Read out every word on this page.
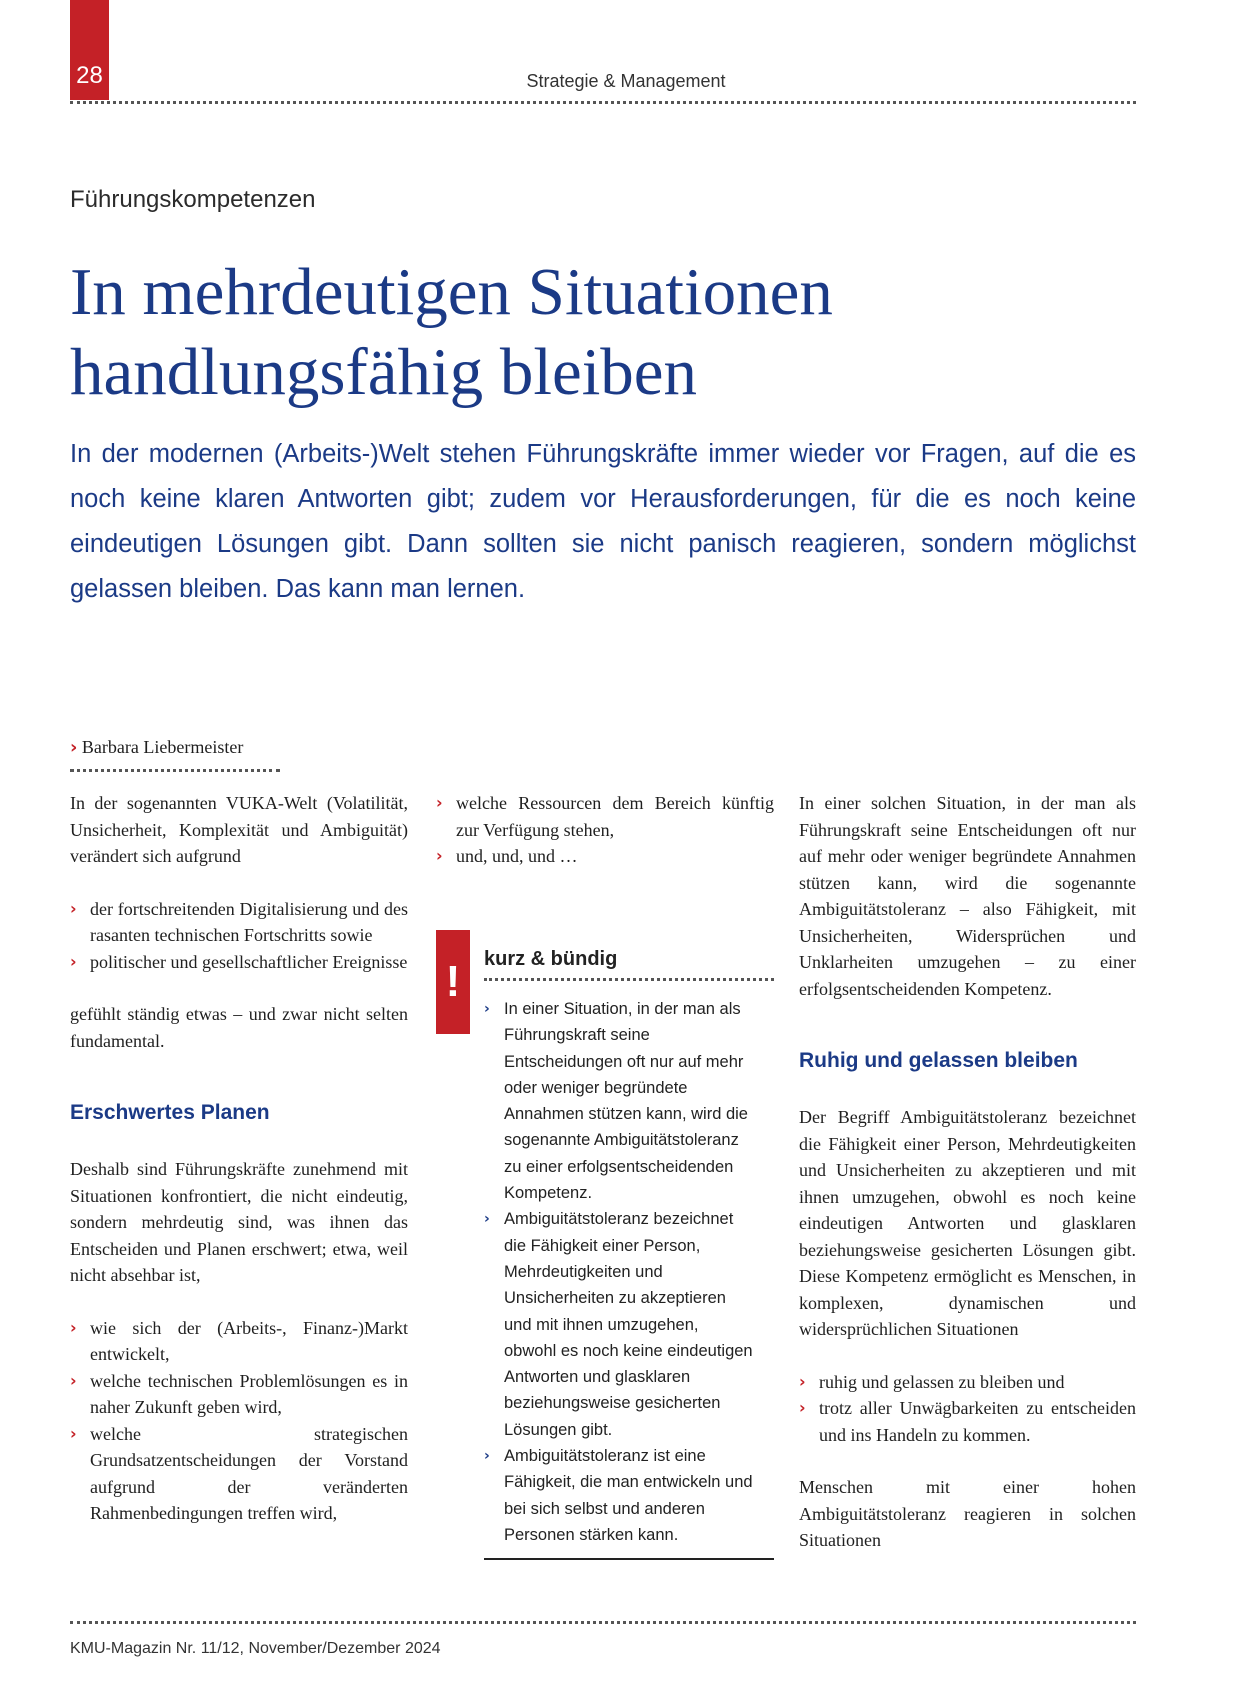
28	Strategie & Management
Führungskompetenzen
In mehrdeutigen Situationen
handlungsfähig bleiben

In der modernen (Arbeits-)Welt stehen Führungskräfte immer wieder vor Fragen, auf die es noch keine klaren Antworten gibt; zudem vor Herausforderungen, für die es noch keine eindeutigen Lösungen gibt. Dann sollten sie nicht panisch reagieren, sondern möglichst gelassen bleiben. Das kann man lernen.

› Barbara Liebermeister

In der sogenannten VUKA-Welt (Volatilität, Unsicherheit, Komplexität und Ambiguität) verändert sich aufgrund

› der fortschreitenden Digitalisierung und des rasanten technischen Fortschritts sowie
› politischer und gesellschaftlicher Ereignisse

gefühlt ständig etwas – und zwar nicht selten fundamental.

Erschwertes Planen

Deshalb sind Führungskräfte zunehmend mit Situationen konfrontiert, die nicht eindeutig, sondern mehrdeutig sind, was ihnen das Entscheiden und Planen erschwert; etwa, weil nicht absehbar ist,

› wie sich der (Arbeits-, Finanz-)Markt entwickelt,
› welche technischen Problemlösungen es in naher Zukunft geben wird,
› welche strategischen Grundsatzentscheidungen der Vorstand aufgrund der veränderten Rahmenbedingungen treffen wird,
› welche Ressourcen dem Bereich künftig zur Verfügung stehen,
› und, und, und …
!	kurz & bündig
› In einer Situation, in der man als Führungskraft seine Entscheidungen oft nur auf mehr oder weniger begründete Annahmen stützen kann, wird die sogenannte Ambiguitätstoleranz zu einer erfolgsentscheidenden Kompetenz.
› Ambiguitätstoleranz bezeichnet die Fähigkeit einer Person, Mehrdeutigkeiten und Unsicherheiten zu akzeptieren und mit ihnen umzugehen, obwohl es noch keine eindeutigen Antworten und glasklaren beziehungsweise gesicherten Lösungen gibt.
› Ambiguitätstoleranz ist eine Fähigkeit, die man entwickeln und bei sich selbst und anderen Personen stärken kann.

In einer solchen Situation, in der man als Führungskraft seine Entscheidungen oft nur auf mehr oder weniger begründete Annahmen stützen kann, wird die sogenannte Ambiguitätstoleranz – also Fähigkeit, mit Unsicherheiten, Widersprüchen und Unklarheiten umzugehen – zu einer erfolgsentscheidenden Kompetenz.

Ruhig und gelassen bleiben

Der Begriff Ambiguitätstoleranz bezeichnet die Fähigkeit einer Person, Mehrdeutigkeiten und Unsicherheiten zu akzeptieren und mit ihnen umzugehen, obwohl es noch keine eindeutigen Antworten und glasklaren beziehungsweise gesicherten Lösungen gibt. Diese Kompetenz ermöglicht es Menschen, in komplexen, dynamischen und widersprüchlichen Situationen

› ruhig und gelassen zu bleiben und
› trotz aller Unwägbarkeiten zu entscheiden und ins Handeln zu kommen.

Menschen mit einer hohen Ambiguitätstoleranz reagieren in solchen Situationen

KMU-Magazin Nr. 11/12, November/Dezember 2024
